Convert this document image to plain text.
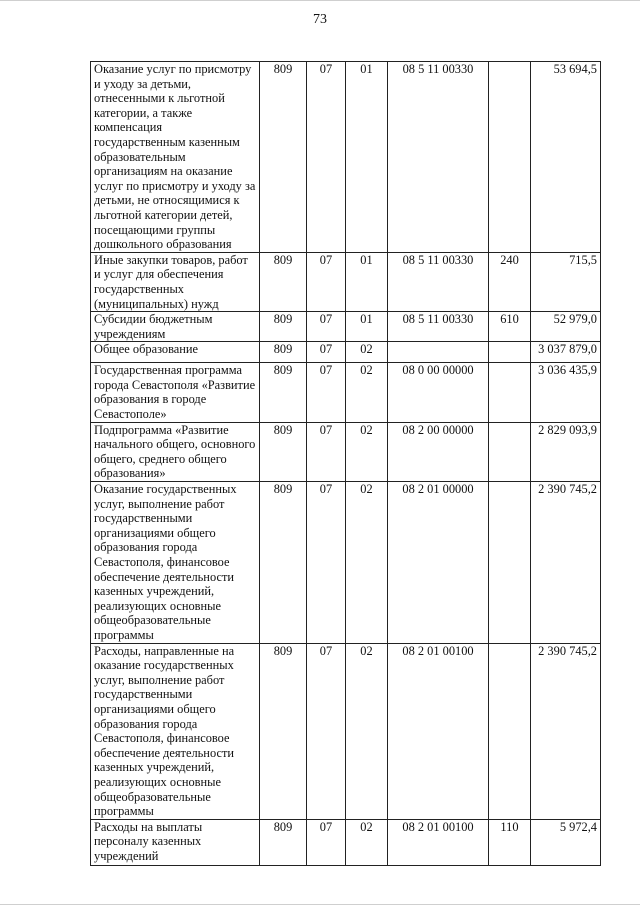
73
Оказание услуг по присмотру и уходу за детьми, отнесенными к льготной категории, а также компенсация государственным казенным образовательным организациям на оказание услуг по присмотру и уходу за детьми, не относящимися к льготной категории детей, посещающими группы дошкольного образования	809	07	01	08 5 11 00330		53 694,5
Иные закупки товаров, работ и услуг для обеспечения государственных (муниципальных) нужд	809	07	01	08 5 11 00330	240	715,5
Субсидии бюджетным учреждениям	809	07	01	08 5 11 00330	610	52 979,0
Общее образование	809	07	02			3 037 879,0
Государственная программа города Севастополя «Развитие образования в городе Севастополе»	809	07	02	08 0 00 00000		3 036 435,9
Подпрограмма «Развитие начального общего, основного общего, среднего общего образования»	809	07	02	08 2 00 00000		2 829 093,9
Оказание государственных услуг, выполнение работ государственными организациями общего образования города Севастополя, финансовое обеспечение деятельности казенных учреждений, реализующих основные общеобразовательные программы	809	07	02	08 2 01 00000		2 390 745,2
Расходы, направленные на оказание государственных услуг, выполнение работ государственными организациями общего образования города Севастополя, финансовое обеспечение деятельности казенных учреждений, реализующих основные общеобразовательные программы	809	07	02	08 2 01 00100		2 390 745,2
Расходы на выплаты персоналу казенных учреждений	809	07	02	08 2 01 00100	110	5 972,4
